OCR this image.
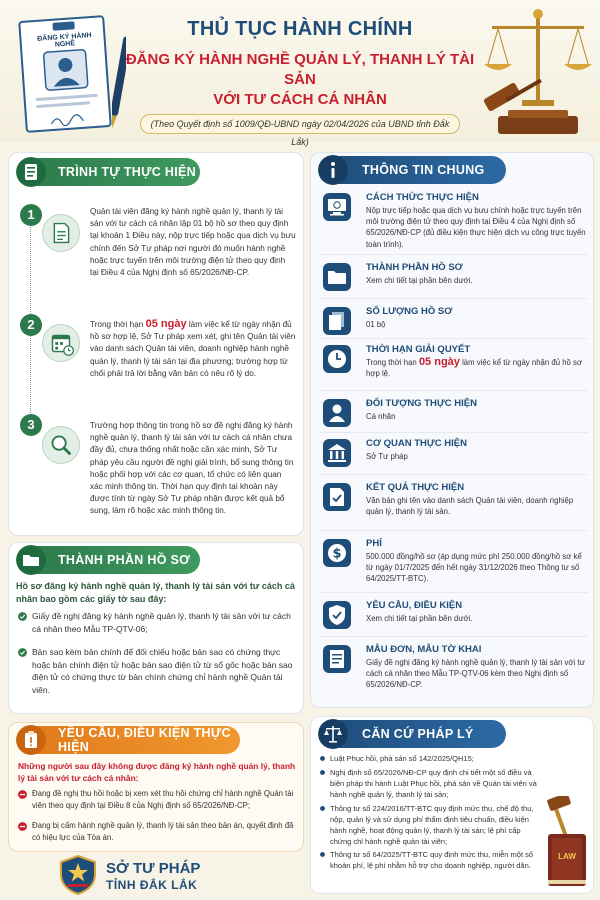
ĐĂNG KÝ HÀNH NGHỀ
THỦ TỤC HÀNH CHÍNH
ĐĂNG KÝ HÀNH NGHỀ QUẢN LÝ, THANH LÝ TÀI SẢN
VỚI TƯ CÁCH CÁ NHÂN
(Theo Quyết định số 1009/QĐ-UBND ngày 02/04/2026 của UBND tỉnh Đắk Lắk)
TRÌNH TỰ THỰC HIỆN
1	Quản tài viên đăng ký hành nghề quản lý, thanh lý tài sản với tư cách cá nhân lập 01 bộ hồ sơ theo quy định tại khoản 1 Điều này, nộp trực tiếp hoặc qua dịch vụ bưu chính đến Sở Tư pháp nơi người đó muốn hành nghề hoặc trực tuyến trên môi trường điện tử theo quy định tại Điều 4 của Nghị định số 65/2026/NĐ-CP.
2	Trong thời hạn 05 ngày làm việc kể từ ngày nhận đủ hồ sơ hợp lệ, Sở Tư pháp xem xét, ghi tên Quản tài viên vào danh sách Quản tài viên, doanh nghiệp hành nghề quản lý, thanh lý tài sản tại địa phương; trường hợp từ chối phải trả lời bằng văn bản có nêu rõ lý do.
3	Trường hợp thông tin trong hồ sơ đề nghị đăng ký hành nghề quản lý, thanh lý tài sản với tư cách cá nhân chưa đầy đủ, chưa thống nhất hoặc cần xác minh, Sở Tư pháp yêu cầu người đề nghị giải trình, bổ sung thông tin hoặc phối hợp với các cơ quan, tổ chức có liên quan xác minh thông tin. Thời hạn quy định tại khoản này được tính từ ngày Sở Tư pháp nhận được kết quả bổ sung, làm rõ hoặc xác minh thông tin.
THÀNH PHẦN HỒ SƠ
Hồ sơ đăng ký hành nghề quản lý, thanh lý tài sản với tư cách cá nhân bao gồm các giấy tờ sau đây:
Giấy đề nghị đăng ký hành nghề quản lý, thanh lý tài sản với tư cách cá nhân theo Mẫu TP-QTV-06;
Bản sao kèm bản chính để đối chiếu hoặc bản sao có chứng thực hoặc bản chính điện tử hoặc bản sao điện tử từ sổ gốc hoặc bản sao điện tử có chứng thực từ bản chính chứng chỉ hành nghề Quản tài viên.
YÊU CẦU, ĐIỀU KIỆN THỰC HIỆN
Những người sau đây không được đăng ký hành nghề quản lý, thanh lý tài sản với tư cách cá nhân:
Đang đề nghị thu hồi hoặc bị xem xét thu hồi chứng chỉ hành nghề Quản tài viên theo quy định tại Điều 8 của Nghị định số 65/2026/NĐ-CP;
Đang bị cấm hành nghề quản lý, thanh lý tài sản theo bản án, quyết định đã có hiệu lực của Tòa án.
SỞ TƯ PHÁP
TỈNH ĐẮK LẮK
THÔNG TIN CHUNG
CÁCH THỨC THỰC HIỆN
Nộp trực tiếp hoặc qua dịch vụ bưu chính hoặc trực tuyến trên môi trường điện tử theo quy định tại Điều 4 của Nghị định số 65/2026/NĐ-CP (đủ điều kiện thực hiện dịch vụ công trực tuyến toàn trình).
THÀNH PHẦN HỒ SƠ
Xem chi tiết tại phần bên dưới.
SỐ LƯỢNG HỒ SƠ
01 bộ
THỜI HẠN GIẢI QUYẾT
Trong thời hạn 05 ngày làm việc kể từ ngày nhận đủ hồ sơ hợp lệ.
ĐỐI TƯỢNG THỰC HIỆN
Cá nhân
CƠ QUAN THỰC HIỆN
Sở Tư pháp
KẾT QUẢ THỰC HIỆN
Văn bản ghi tên vào danh sách Quản tài viên, doanh nghiệp quản lý, thanh lý tài sản.
$
PHÍ
500.000 đồng/hồ sơ (áp dụng mức phí 250.000 đồng/hồ sơ kể từ ngày 01/7/2025 đến hết ngày 31/12/2026 theo Thông tư số 64/2025/TT-BTC).
YÊU CẦU, ĐIỀU KIỆN
Xem chi tiết tại phần bên dưới.
MẪU ĐƠN, MẪU TỜ KHAI
Giấy đề nghị đăng ký hành nghề quản lý, thanh lý tài sản với tư cách cá nhân theo Mẫu TP-QTV-06 kèm theo Nghị định số 65/2026/NĐ-CP.
CĂN CỨ PHÁP LÝ
Luật Phục hồi, phá sản số 142/2025/QH15;
Nghị định số 65/2026/NĐ-CP quy định chi tiết một số điều và biện pháp thi hành Luật Phục hồi, phá sản về Quản tài viên và hành nghề quản lý, thanh lý tài sản;
Thông tư số 224/2016/TT-BTC quy định mức thu, chế độ thu, nộp, quản lý và sử dụng phí thẩm định tiêu chuẩn, điều kiện hành nghề, hoạt động quản lý, thanh lý tài sản; lệ phí cấp chứng chỉ hành nghề quản tài viên;
Thông tư số 64/2025/TT-BTC quy định mức thu, miễn một số khoản phí, lệ phí nhằm hỗ trợ cho doanh nghiệp, người dân.
LAW
